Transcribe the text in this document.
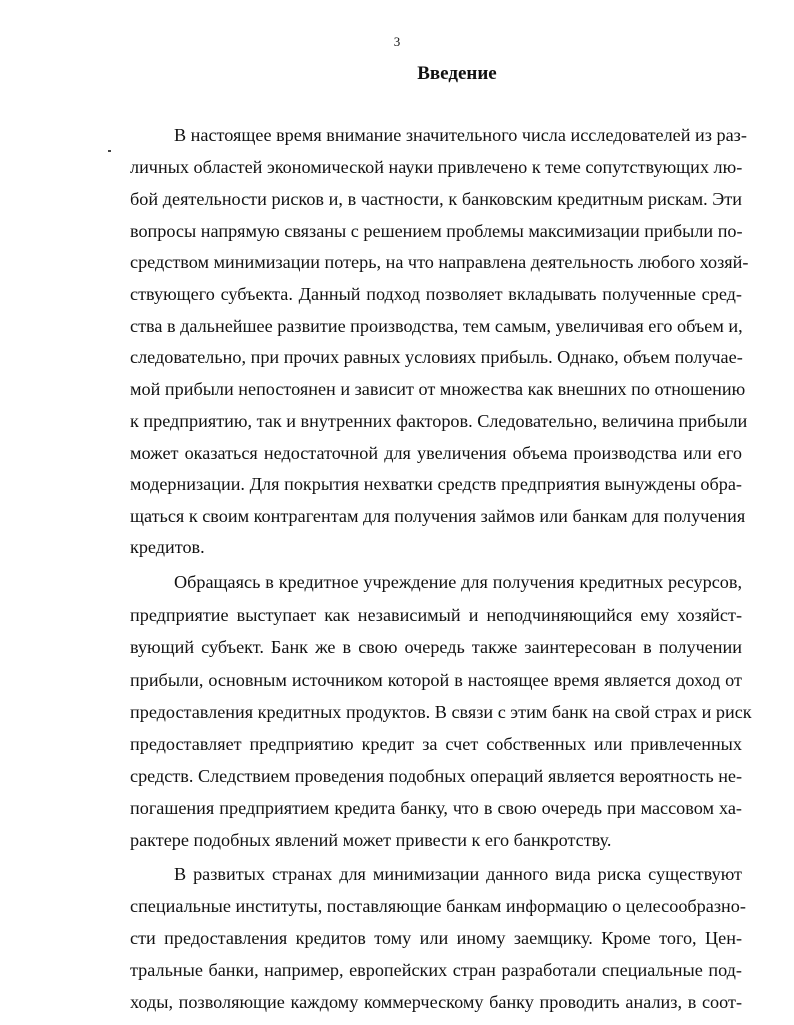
3
Введение
В настоящее время внимание значительного числа исследователей из раз-
личных областей экономической науки привлечено к теме сопутствующих лю-
бой деятельности рисков и, в частности, к банковским кредитным рискам. Эти
вопросы напрямую связаны с решением проблемы максимизации прибыли по-
средством минимизации потерь, на что направлена деятельность любого хозяй-
ствующего субъекта. Данный подход позволяет вкладывать полученные сред-
ства в дальнейшее развитие производства, тем самым, увеличивая его объем и,
следовательно, при прочих равных условиях прибыль. Однако, объем получае-
мой прибыли непостоянен и зависит от множества как внешних по отношению
к предприятию, так и внутренних факторов. Следовательно, величина прибыли
может оказаться недостаточной для увеличения объема производства или его
модернизации. Для покрытия нехватки средств предприятия вынуждены обра-
щаться к своим контрагентам для получения займов или банкам для получения
кредитов.
Обращаясь в кредитное учреждение для получения кредитных ресурсов,
предприятие выступает как независимый и неподчиняющийся ему хозяйст-
вующий субъект. Банк же в свою очередь также заинтересован в получении
прибыли, основным источником которой в настоящее время является доход от
предоставления кредитных продуктов. В связи с этим банк на свой страх и риск
предоставляет предприятию кредит за счет собственных или привлеченных
средств. Следствием проведения подобных операций является вероятность не-
погашения предприятием кредита банку, что в свою очередь при массовом ха-
рактере подобных явлений может привести к его банкротству.
В развитых странах для минимизации данного вида риска существуют
специальные институты, поставляющие банкам информацию о целесообразно-
сти предоставления кредитов тому или иному заемщику. Кроме того, Цен-
тральные банки, например, европейских стран разработали специальные под-
ходы, позволяющие каждому коммерческому банку проводить анализ, в соот-
